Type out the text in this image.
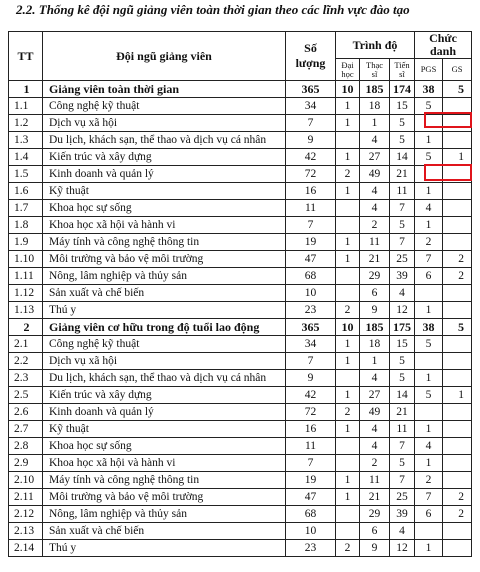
2.2. Thống kê đội ngũ giảng viên toàn thời gian theo các lĩnh vực đào tạo
TT	Đội ngũ giảng viên	Số lượng	Trình độ			Chức danh	
			Đại học	Thạc sĩ	Tiến sĩ	PGS	GS
1	Giảng viên toàn thời gian	365	10	185	174	38	5
1.1	Công nghệ kỹ thuật	34	1	18	15	5	
1.2	Dịch vụ xã hội	7	1	1	5		
1.3	Du lịch, khách sạn, thể thao và dịch vụ cá nhân	9		4	5	1	
1.4	Kiến trúc và xây dựng	42	1	27	14	5	1
1.5	Kinh doanh và quản lý	72	2	49	21		
1.6	Kỹ thuật	16	1	4	11	1	
1.7	Khoa học sự sống	11		4	7	4	
1.8	Khoa học xã hội và hành vi	7		2	5	1	
1.9	Máy tính và công nghệ thông tin	19	1	11	7	2	
1.10	Môi trường và bảo vệ môi trường	47	1	21	25	7	2
1.11	Nông, lâm nghiệp và thủy sản	68		29	39	6	2
1.12	Sản xuất và chế biến	10		6	4		
1.13	Thú y	23	2	9	12	1	
2	Giảng viên cơ hữu trong độ tuổi lao động	365	10	185	175	38	5
2.1	Công nghệ kỹ thuật	34	1	18	15	5	
2.2	Dịch vụ xã hội	7	1	1	5		
2.3	Du lịch, khách sạn, thể thao và dịch vụ cá nhân	9		4	5	1	
2.5	Kiến trúc và xây dựng	42	1	27	14	5	1
2.6	Kinh doanh và quản lý	72	2	49	21		
2.7	Kỹ thuật	16	1	4	11	1	
2.8	Khoa học sự sống	11		4	7	4	
2.9	Khoa học xã hội và hành vi	7		2	5	1	
2.10	Máy tính và công nghệ thông tin	19	1	11	7	2	
2.11	Môi trường và bảo vệ môi trường	47	1	21	25	7	2
2.12	Nông, lâm nghiệp và thủy sản	68		29	39	6	2
2.13	Sản xuất và chế biến	10		6	4		
2.14	Thú y	23	2	9	12	1	
